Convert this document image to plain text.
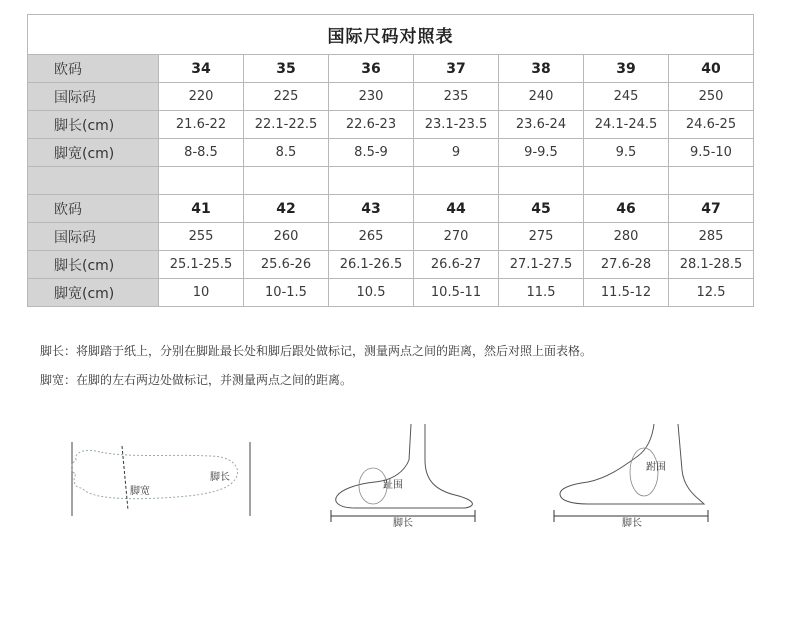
国际尺码对照表							
欧码	34	35	36	37	38	39	40
国际码	220	225	230	235	240	245	250
脚长(cm)	21.6-22	22.1-22.5	22.6-23	23.1-23.5	23.6-24	24.1-24.5	24.6-25
脚宽(cm)	8-8.5	8.5	8.5-9	9	9-9.5	9.5	9.5-10

欧码	41	42	43	44	45	46	47
国际码	255	260	265	270	275	280	285
脚长(cm)	25.1-25.5	25.6-26	26.1-26.5	26.6-27	27.1-27.5	27.6-28	28.1-28.5
脚宽(cm)	10	10-1.5	10.5	10.5-11	11.5	11.5-12	12.5
脚长：将脚踏于纸上，分别在脚趾最长处和脚后跟处做标记，测量两点之间的距离，然后对照上面表格。
脚宽：在脚的左右两边处做标记，并测量两点之间的距离。
脚长
脚宽
趾围
脚长
跗围
脚长
